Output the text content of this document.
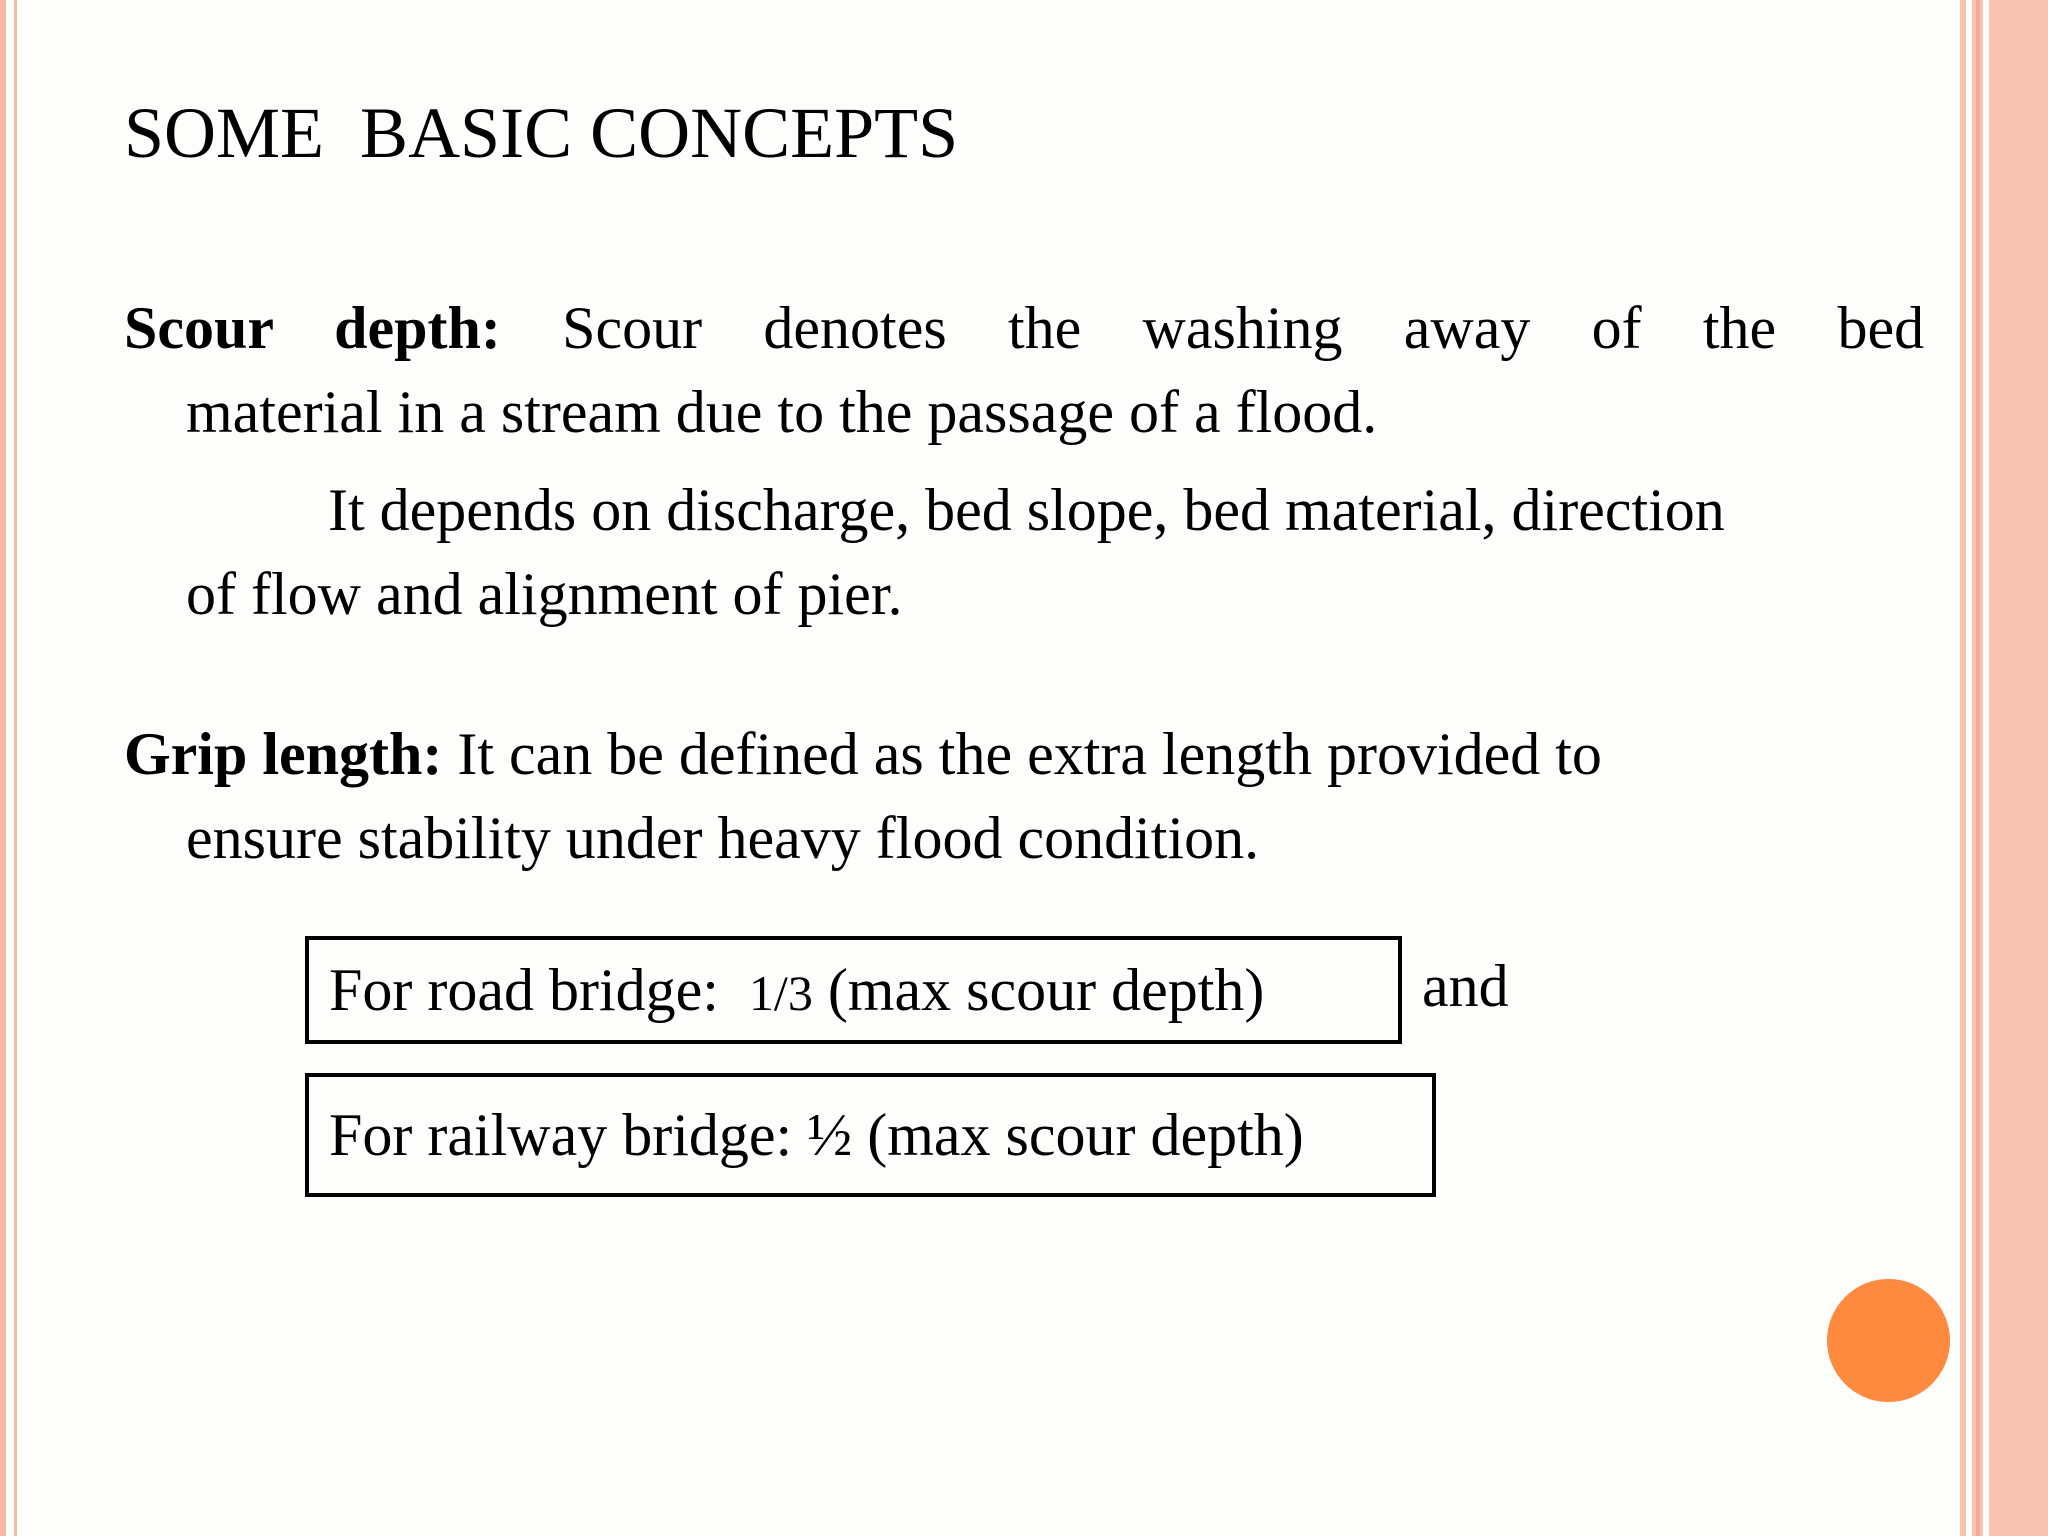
SOME  BASIC CONCEPTS
Scour depth: Scour denotes the washing away of the bed
material in a stream due to the passage of a flood.
It depends on discharge, bed slope, bed material, direction
of flow and alignment of pier.
Grip length: It can be defined as the extra length provided to
ensure stability under heavy flood condition.
For road bridge:  1/3 (max scour depth)	and
For railway bridge: ½ (max scour depth)
